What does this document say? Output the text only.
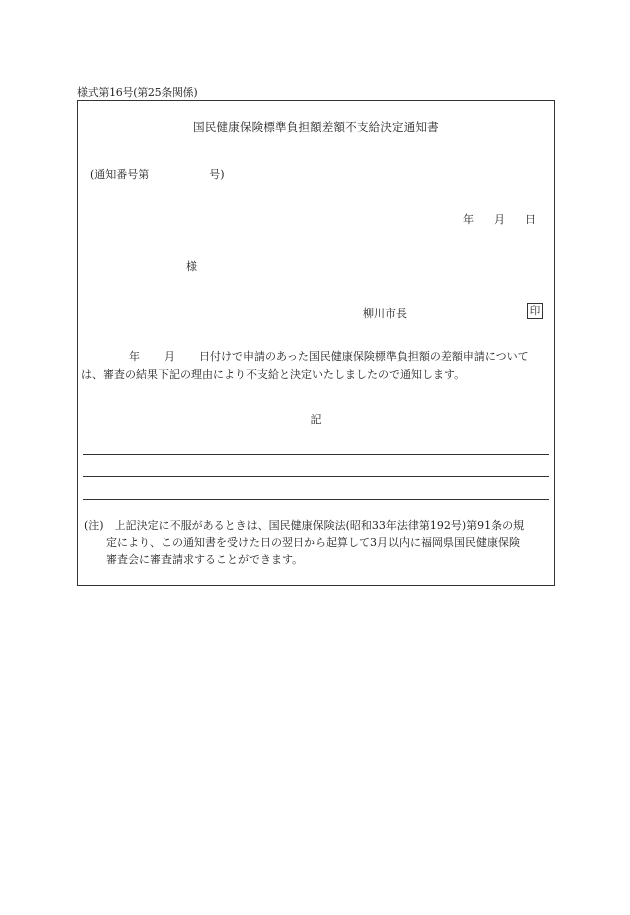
様式第16号(第25条関係)
国民健康保険標準負担額差額不支給決定通知書
(通知番号第	号)
年 月 日
様
柳川市長	印
年 月 日付けで申請のあった国民健康保険標準負担額の差額申請については、審査の結果下記の理由により不支給と決定いたしましたので通知します。
記
(注)　上記決定に不服があるときは、国民健康保険法(昭和33年法律第192号)第91条の規
定により、この通知書を受けた日の翌日から起算して3月以内に福岡県国民健康保険
審査会に審査請求することができます。
